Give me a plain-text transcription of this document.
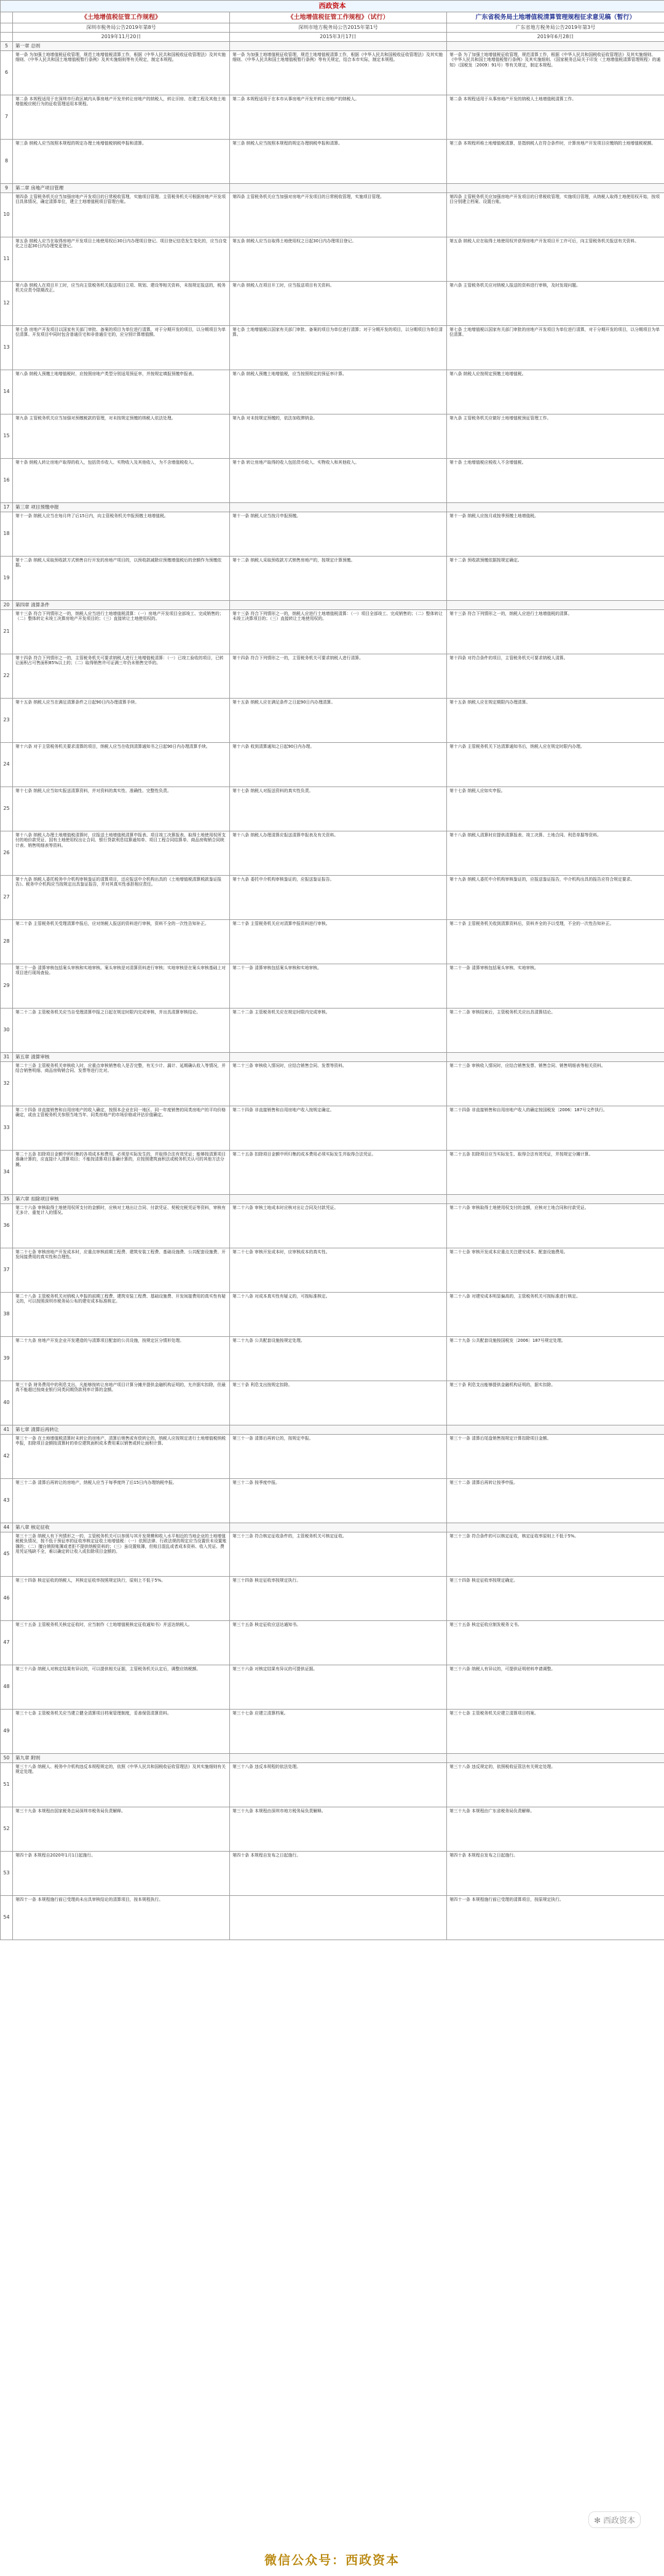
西政资本			
	《土地增值税征管工作规程》	《土地增值税征管工作规程》（试行）	广东省税务局土地增值税清算管理规程征求意见稿（暂行）
	深圳市税务局公告2019年第8号	深圳市地方税务局公告2015年第1号	广东省地方税务局公告2019年第3号
	2019年11月20日	2015年3月17日	2019年6月28日
5	第一章 总则		
6	第一条 为加强土地增值税征收管理，规范土地增值税清算工作，根据《中华人民共和国税收征收管理法》及其实施细则、《中华人民共和国土地增值税暂行条例》及其实施细则等有关规定，制定本规程。	第一条 为加强土地增值税征收管理，规范土地增值税清算工作，根据《中华人民共和国税收征收管理法》及其实施细则、《中华人民共和国土地增值税暂行条例》等有关规定，结合本市实际，制定本规程。	第一条 为了加强土地增值税征收管理，规范清算工作，根据《中华人民共和国税收征收管理法》及其实施细则、《中华人民共和国土地增值税暂行条例》及其实施细则、《国家税务总局关于印发〈土地增值税清算管理规程〉的通知》（国税发〔2009〕91号）等有关规定，制定本规程。
7	第二条 本规程适用于在深圳市行政区域内从事房地产开发并转让房地产的纳税人，转让旧房、在建工程及其他土地增值税应税行为的征收管理适用本规程。	第二条 本规程适用于在本市从事房地产开发并转让房地产的纳税人。	第二条 本规程适用于从事房地产开发的纳税人土地增值税清算工作。
8	第三条 纳税人应当按照本规程的规定办理土地增值税纳税申报和清算。	第三条 纳税人应当按照本规程的规定办理纳税申报和清算。	第三条 本规程所称土地增值税清算，是指纳税人在符合条件时，计算房地产开发项目应缴纳的土地增值税税额。
9	第二章 房地产项目管理		
10	第四条 主管税务机关应当加强房地产开发项目的日常税收管理，实施项目管理。主管税务机关可根据房地产开发项目具体情况，确定清算单位，建立土地增值税项目管理台账。	第四条 主管税务机关应当加强对房地产开发项目的日常税收管理，实施项目管理。	第四条 主管税务机关应加强房地产开发项目的日常税收管理，实施项目管理，从纳税人取得土地使用权开始，按项目分别建立档案、设置台账。
11	第五条 纳税人应当在取得房地产开发项目土地使用权后30日内办理项目登记。项目登记信息发生变化的，应当自变化之日起30日内办理变更登记。	第五条 纳税人应当自取得土地使用权之日起30日内办理项目登记。	第五条 纳税人应在取得土地使用权并获得房地产开发项目开工许可后，向主管税务机关报送有关资料。
12	第六条 纳税人在项目开工时，应当向主管税务机关报送项目立项、规划、建设等相关资料，未按规定报送的，税务机关应责令限期改正。	第六条 纳税人在项目开工时，应当报送项目有关资料。	第六条 主管税务机关应对纳税人报送的资料进行审核，及时发现问题。
13	第七条 房地产开发项目以国家有关部门审批、备案的项目为单位进行清算，对于分期开发的项目，以分期项目为单位清算。开发项目中同时包含普通住宅和非普通住宅的，应分别计算增值额。	第七条 土地增值税以国家有关部门审批、备案的项目为单位进行清算；对于分期开发的项目，以分期项目为单位清算。	第七条 土地增值税以国家有关部门审批的房地产开发项目为单位进行清算，对于分期开发的项目，以分期项目为单位清算。
14	第八条 纳税人预缴土地增值税时，应按照房地产类型分别适用预征率，并按规定填报预缴申报表。	第八条 纳税人预缴土地增值税，应当按照规定的预征率计算。	第八条 纳税人应按规定预缴土地增值税。
15	第九条 主管税务机关应当加强对预缴税款的管理，对未按规定预缴的纳税人依法处理。	第九条 对未按规定预缴的，依法加收滞纳金。	第九条 主管税务机关应做好土地增值税预征管理工作。
16	第十条 纳税人转让房地产取得的收入，包括货币收入、实物收入及其他收入，为不含增值税收入。	第十条 转让房地产取得的收入包括货币收入、实物收入和其他收入。	第十条 土地增值税应税收入不含增值税。
17	第三章 项目预缴申报		
18	第十一条 纳税人应当在每月终了后15日内，向主管税务机关申报预缴土地增值税。	第十一条 纳税人应当按月申报预缴。	第十一条 纳税人应按月或按季预缴土地增值税。
19	第十二条 纳税人采取预收款方式销售自行开发的房地产项目的，以预收款减除应预缴增值税后的余额作为预缴依据。	第十二条 纳税人采取预收款方式销售房地产的，按规定计算预缴。	第十二条 预收款预缴依据按规定确定。
20	第四章 清算条件		
21	第十三条 符合下列情形之一的，纳税人应当进行土地增值税清算：（一）房地产开发项目全部竣工、完成销售的；（二）整体转让未竣工决算房地产开发项目的；（三）直接转让土地使用权的。	第十三条 符合下列情形之一的，纳税人应进行土地增值税清算：（一）项目全部竣工、完成销售的；（二）整体转让未竣工决算项目的；（三）直接转让土地使用权的。	第十三条 符合下列情形之一的，纳税人应进行土地增值税的清算。
22	第十四条 符合下列情形之一的，主管税务机关可要求纳税人进行土地增值税清算：（一）已竣工验收的项目，已转让面积占可售面积85%以上的；（二）取得销售许可证满三年仍未销售完毕的。	第十四条 符合下列情形之一的，主管税务机关可要求纳税人进行清算。	第十四条 对符合条件的项目，主管税务机关可要求纳税人清算。
23	第十五条 纳税人应当在满足清算条件之日起90日内办理清算手续。	第十五条 纳税人应在满足条件之日起90日内办理清算。	第十五条 纳税人应在规定期限内办理清算。
24	第十六条 对于主管税务机关要求清算的项目，纳税人应当在收到清算通知书之日起90日内办理清算手续。	第十六条 收到清算通知之日起90日内办理。	第十六条 主管税务机关下达清算通知书后，纳税人应在规定时限内办理。
25	第十七条 纳税人应当如实报送清算资料，并对资料的真实性、准确性、完整性负责。	第十七条 纳税人对报送资料的真实性负责。	第十七条 纳税人应如实申报。
26	第十八条 纳税人办理土地增值税清算时，应报送土地增值税清算申报表、项目竣工决算报表、取得土地使用权所支付的地价款凭证、国有土地使用权出让合同、银行贷款利息结算通知单、项目工程合同结算单、商品房购销合同统计表、销售明细表等资料。	第十八条 纳税人办理清算应报送清算申报表及有关资料。	第十八条 纳税人清算时应提供清算报表、竣工决算、土地合同、利息单据等资料。
27	第十九条 纳税人委托税务中介机构审核鉴证的清算项目，还应报送中介机构出具的《土地增值税清算税款鉴证报告》。税务中介机构应当按规定出具鉴证报告，并对其真实性承担相应责任。	第十九条 委托中介机构审核鉴证的，应报送鉴证报告。	第十九条 纳税人委托中介机构审核鉴证的，应报送鉴证报告，中介机构出具的报告应符合规定要求。
28	第二十条 主管税务机关受理清算申报后，应对纳税人报送的资料进行审核，资料不全的一次性告知补正。	第二十条 主管税务机关应对清算申报资料进行审核。	第二十条 主管税务机关收到清算资料后，资料齐全的予以受理，不全的一次性告知补正。
29	第二十一条 清算审核包括案头审核和实地审核。案头审核是对清算资料进行审核；实地审核是在案头审核基础上对项目进行现场查验。	第二十一条 清算审核包括案头审核和实地审核。	第二十一条 清算审核包括案头审核、实地审核。
30	第二十二条 主管税务机关应当自受理清算申报之日起在规定时限内完成审核，并出具清算审核结论。	第二十二条 主管税务机关应在规定时限内完成审核。	第二十二条 审核结束后，主管税务机关应出具清算结论。
31	第五章 清算审核		
32	第二十三条 主管税务机关审核收入时，应重点审核销售收入是否完整，有无少计、漏计、延期确认收入等情况，并结合销售明细、商品房购销合同、发票等进行比对。	第二十三条 审核收入情况时，应结合销售合同、发票等资料。	第二十三条 审核收入情况时，应结合销售发票、销售合同、销售明细表等相关资料。
33	第二十四条 非直接销售和自用房地产的收入确定，按照本企业在同一地区、同一年度销售的同类房地产的平均价格确定，或由主管税务机关参照当地当年、同类房地产的市场价格或评估价值确定。	第二十四条 非直接销售和自用房地产收入按规定确定。	第二十四条 非直接销售和自用房地产收入的确定按国税发〔2006〕187号文件执行。
34	第二十五条 扣除项目金额中所归集的各项成本和费用，必须是实际发生的，并取得合法有效凭证；能够按清算项目准确计算的，应直接计入清算项目；不能按清算项目准确计算的，应按照建筑面积法或税务机关认可的其他方法分摊。	第二十五条 扣除项目金额中所归集的成本费用必须实际发生并取得合法凭证。	第二十五条 扣除项目应当实际发生、取得合法有效凭证，并按规定分摊计算。
35	第六章 扣除项目审核		
36	第二十六条 审核取得土地使用权所支付的金额时，应核对土地出让合同、付款凭证、契税完税凭证等资料，审核有无多计、重复计入的情况。	第二十六条 审核土地成本时应核对出让合同及付款凭证。	第二十六条 审核取得土地使用权支付的金额，应核对土地合同和付款凭证。
37	第二十七条 审核房地产开发成本时，应重点审核前期工程费、建筑安装工程费、基础设施费、公共配套设施费、开发间接费用的真实性和合理性。	第二十七条 审核开发成本时，应审核成本的真实性。	第二十七条 审核开发成本应重点关注建安成本、配套设施费用。
38	第二十八条 主管税务机关对纳税人申报的前期工程费、建筑安装工程费、基础设施费、开发间接费用的真实性有疑义的，可以按照深圳市税务局公布的建安成本标准核定。	第二十八条 对成本真实性有疑义的，可按标准核定。	第二十八条 对建安成本明显偏高的，主管税务机关可按标准进行核定。
39	第二十九条 房地产开发企业开发建造的与清算项目配套的公共设施，按规定区分情形处理。	第二十九条 公共配套设施按规定处理。	第二十九条 公共配套设施按国税发〔2006〕187号规定处理。
40	第三十条 财务费用中的利息支出，凡能够按转让房地产项目计算分摊并提供金融机构证明的，允许据实扣除，但最高不能超过按商业银行同类同期贷款利率计算的金额。	第三十条 利息支出按规定扣除。	第三十条 利息支出能够提供金融机构证明的，据实扣除。
41	第七章 清算后再转让		
42	第三十一条 在土地增值税清算时未转让的房地产，清算后销售或有偿转让的，纳税人应按规定进行土地增值税纳税申报，扣除项目金额按清算时的单位建筑面积成本费用乘以销售或转让面积计算。	第三十一条 清算后再转让的，按规定申报。	第三十一条 清算后尾盘销售按规定计算扣除项目金额。
43	第三十二条 清算后再转让的房地产，纳税人应当于每季度终了后15日内办理纳税申报。	第三十二条 按季度申报。	第三十二条 清算后再转让按季申报。
44	第八章 核定征收		
45	第三十三条 纳税人有下列情形之一的，主管税务机关可以参照与其开发规模和收入水平相近的当地企业的土地增值税税负情况，按不低于预征率的征收率核定征收土地增值税：（一）依照法律、行政法规的规定应当设置但未设置账簿的；（二）擅自销毁账簿或者拒不提供纳税资料的；（三）虽设置账簿，但账目混乱或者成本资料、收入凭证、费用凭证残缺不全，难以确定转让收入或扣除项目金额的。	第三十三条 符合核定征收条件的，主管税务机关可核定征收。	第三十三条 符合条件的可以核定征收，核定征收率原则上不低于5%。
46	第三十四条 核定征收的纳税人，其核定征收率按照规定执行，原则上不低于5%。	第三十四条 核定征收率按规定执行。	第三十四条 核定征收率按规定确定。
47	第三十五条 主管税务机关核定征收时，应当制作《土地增值税核定征收通知书》并送达纳税人。	第三十五条 核定征收应送达通知书。	第三十五条 核定征收应制发税务文书。
48	第三十六条 纳税人对核定结果有异议的，可以提供相关证据，主管税务机关认定后，调整应纳税额。	第三十六条 对核定结果有异议的可提供证据。	第三十六条 纳税人有异议的，可提供证明材料申请调整。
49	第三十七条 主管税务机关应当建立健全清算项目档案管理制度，妥善保管清算资料。	第三十七条 应建立清算档案。	第三十七条 主管税务机关应建立清算项目档案。
50	第九章 附则		
51	第三十八条 纳税人、税务中介机构违反本规程规定的，依照《中华人民共和国税收征收管理法》及其实施细则有关规定处理。	第三十八条 违反本规程的依法处理。	第三十八条 违反规定的，依照税收征管法有关规定处理。
52	第三十九条 本规程由国家税务总局深圳市税务局负责解释。	第三十九条 本规程由深圳市地方税务局负责解释。	第三十九条 本规程由广东省税务局负责解释。
53	第四十条 本规程自2020年1月1日起施行。	第四十条 本规程自发布之日起施行。	第四十条 本规程自发布之日起施行。
54	第四十一条 本规程施行前已受理尚未出具审核结论的清算项目，按本规程执行。		第四十一条 本规程施行前已受理的清算项目，按原规定执行。
✻ 西政资本
微信公众号：西政资本
